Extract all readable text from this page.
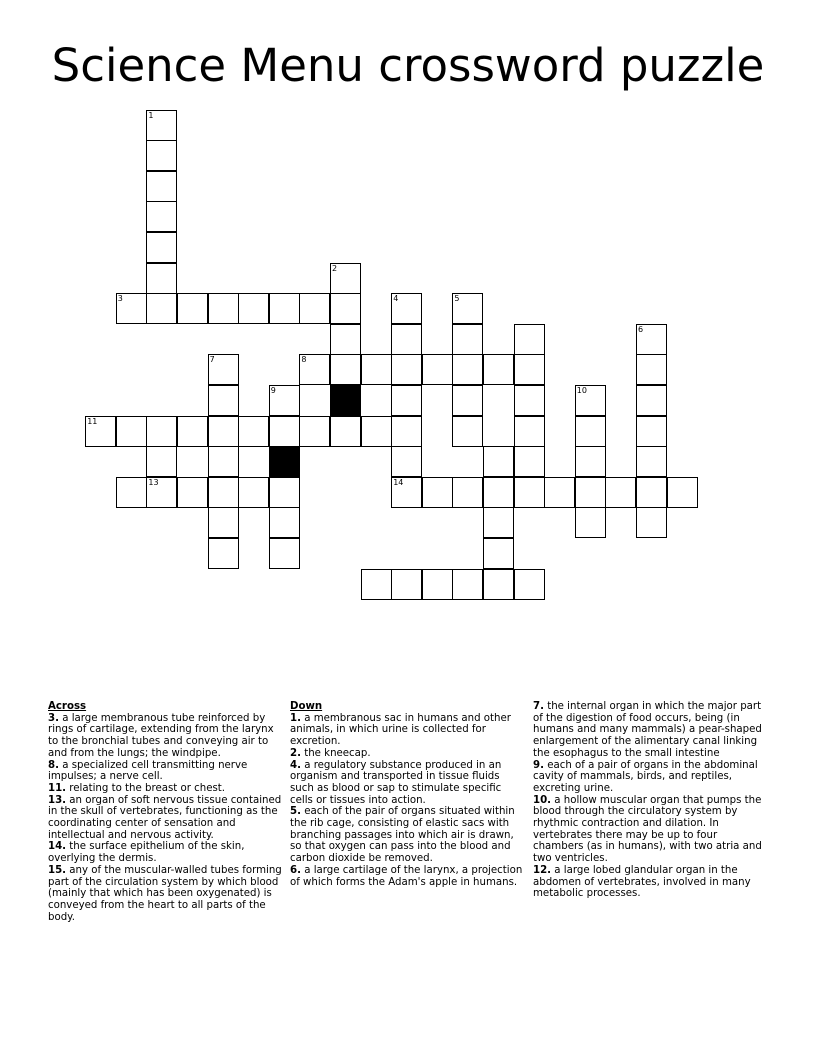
Science Menu crossword puzzle
1
3
2
4
14
5
7	8
9
11
13
10
6
Across
3. a large membranous tube reinforced by rings of cartilage, extending from the larynx to the bronchial tubes and conveying air to and from the lungs; the windpipe.
8. a specialized cell transmitting nerve impulses; a nerve cell.
11. relating to the breast or chest.
13. an organ of soft nervous tissue contained in the skull of vertebrates, functioning as the coordinating center of sensation and intellectual and nervous activity.
14. the surface epithelium of the skin, overlying the dermis.
15. any of the muscular-walled tubes forming part of the circulation system by which blood (mainly that which has been oxygenated) is conveyed from the heart to all parts of the body.
Down
1. a membranous sac in humans and other animals, in which urine is collected for excretion.
2. the kneecap.
4. a regulatory substance produced in an organism and transported in tissue fluids such as blood or sap to stimulate specific cells or tissues into action.
5. each of the pair of organs situated within the rib cage, consisting of elastic sacs with branching passages into which air is drawn, so that oxygen can pass into the blood and carbon dioxide be removed.
6. a large cartilage of the larynx, a projection of which forms the Adam's apple in humans.
7. the internal organ in which the major part of the digestion of food occurs, being (in humans and many mammals) a pear-shaped enlargement of the alimentary canal linking the esophagus to the small intestine
9. each of a pair of organs in the abdominal cavity of mammals, birds, and reptiles, excreting urine.
10. a hollow muscular organ that pumps the blood through the circulatory system by rhythmic contraction and dilation. In vertebrates there may be up to four chambers (as in humans), with two atria and two ventricles.
12. a large lobed glandular organ in the abdomen of vertebrates, involved in many metabolic processes.
